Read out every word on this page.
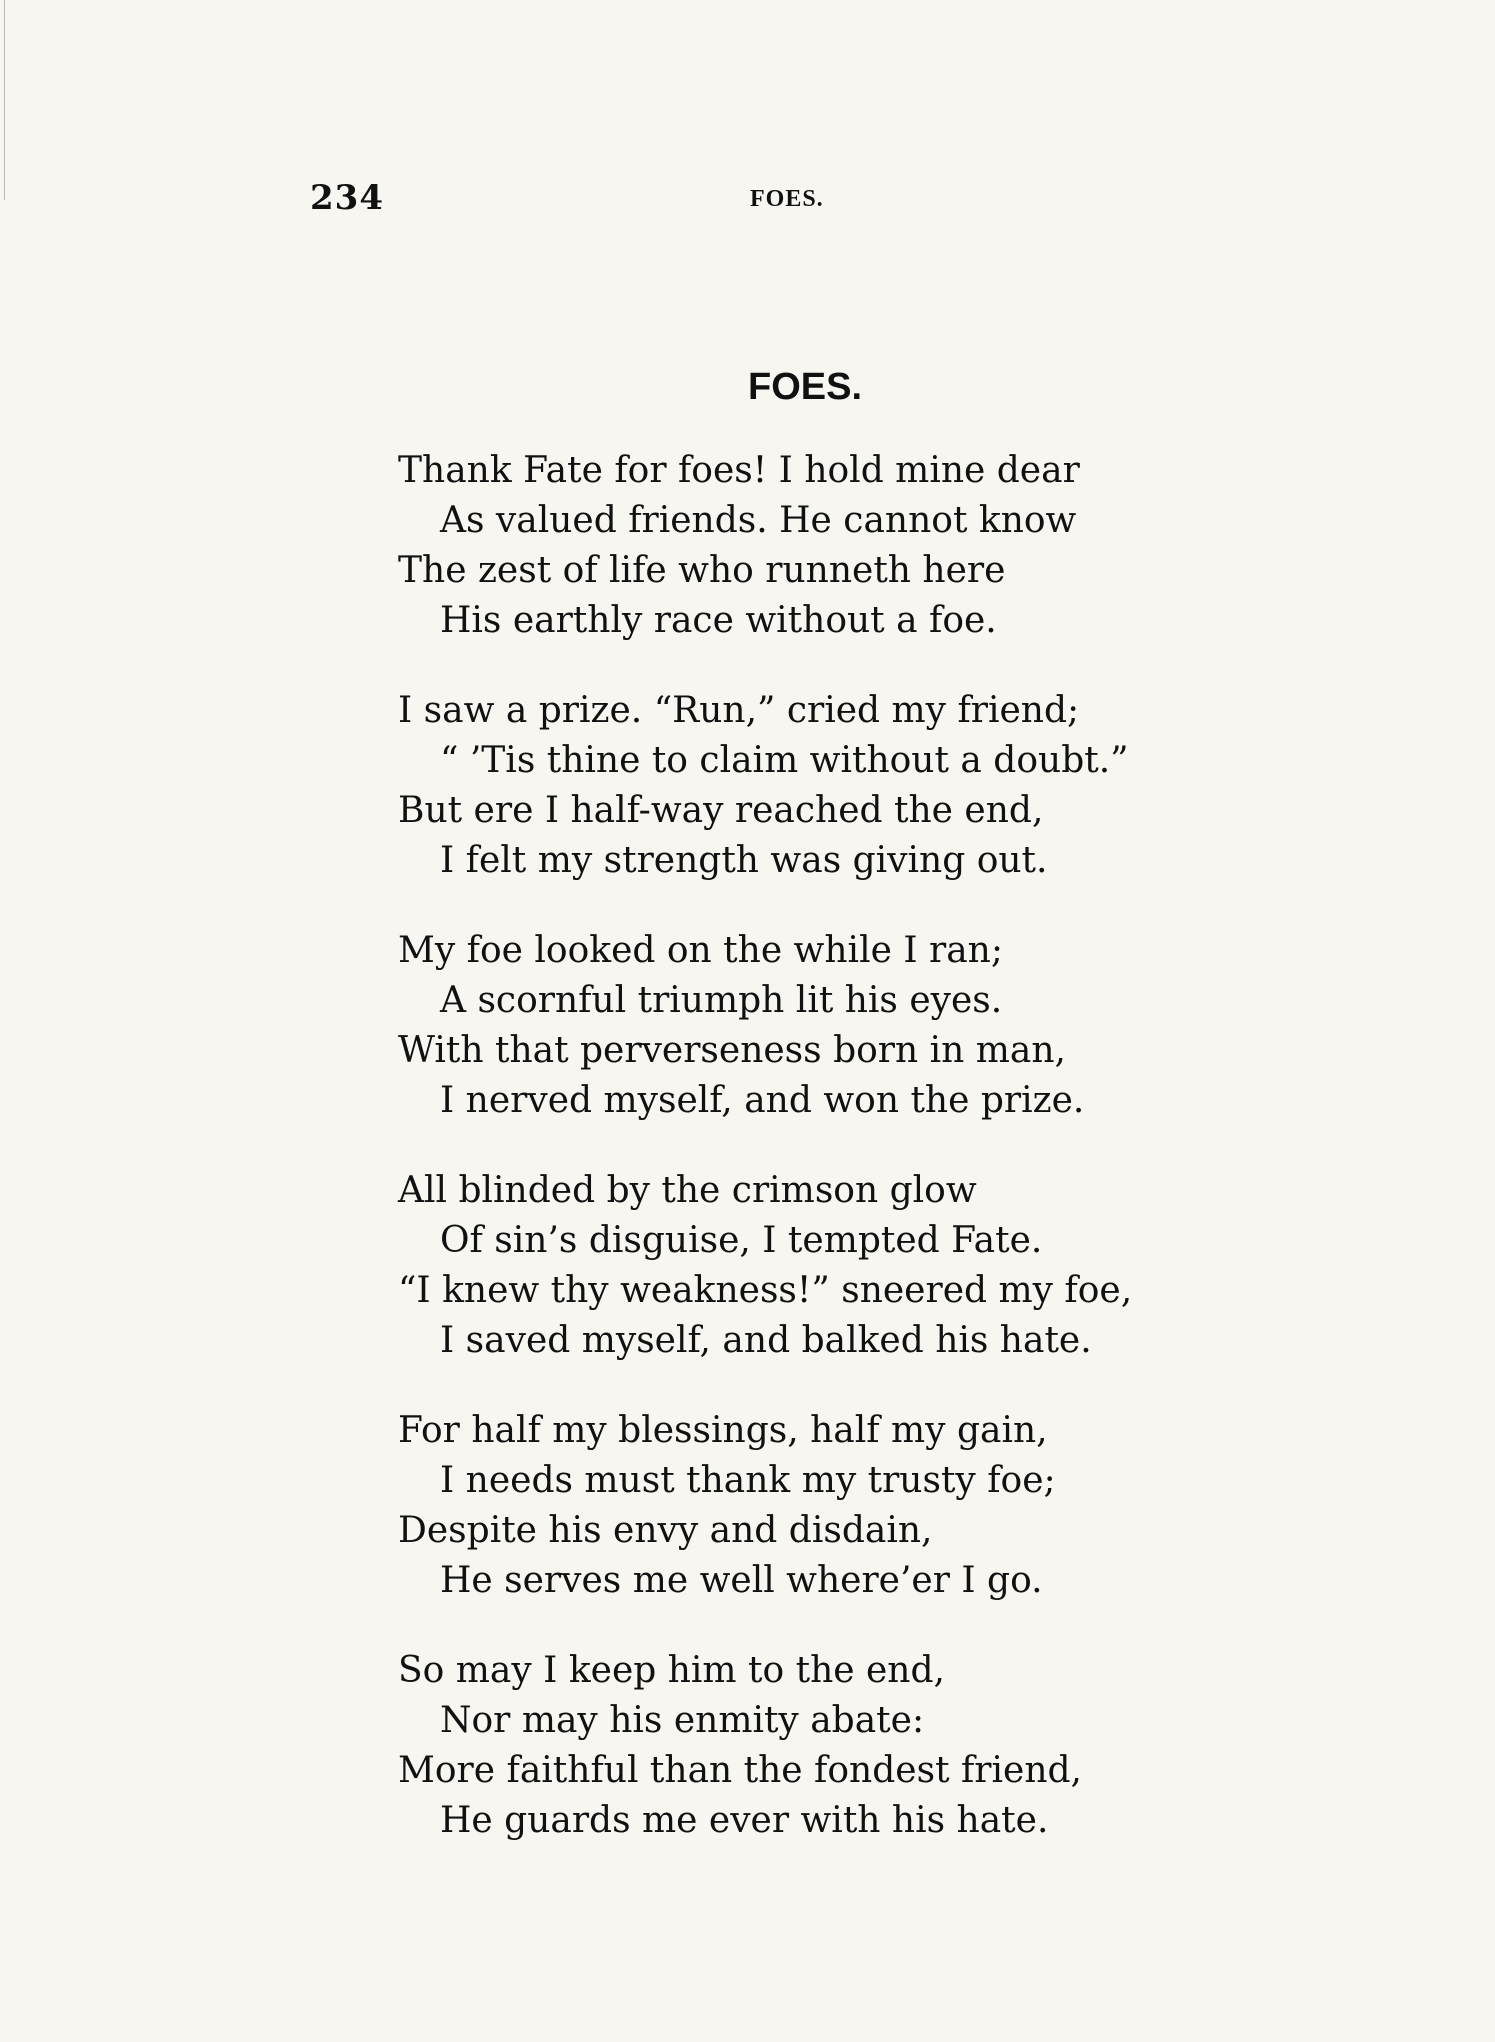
234	FOES.
FOES.
Thank Fate for foes! I hold mine dear
As valued friends. He cannot know
The zest of life who runneth here
His earthly race without a foe.
I saw a prize. “Run,” cried my friend;
“ ’Tis thine to claim without a doubt.”
But ere I half-way reached the end,
I felt my strength was giving out.
My foe looked on the while I ran;
A scornful triumph lit his eyes.
With that perverseness born in man,
I nerved myself, and won the prize.
All blinded by the crimson glow
Of sin’s disguise, I tempted Fate.
“I knew thy weakness!” sneered my foe,
I saved myself, and balked his hate.
For half my blessings, half my gain,
I needs must thank my trusty foe;
Despite his envy and disdain,
He serves me well where’er I go.
So may I keep him to the end,
Nor may his enmity abate:
More faithful than the fondest friend,
He guards me ever with his hate.
